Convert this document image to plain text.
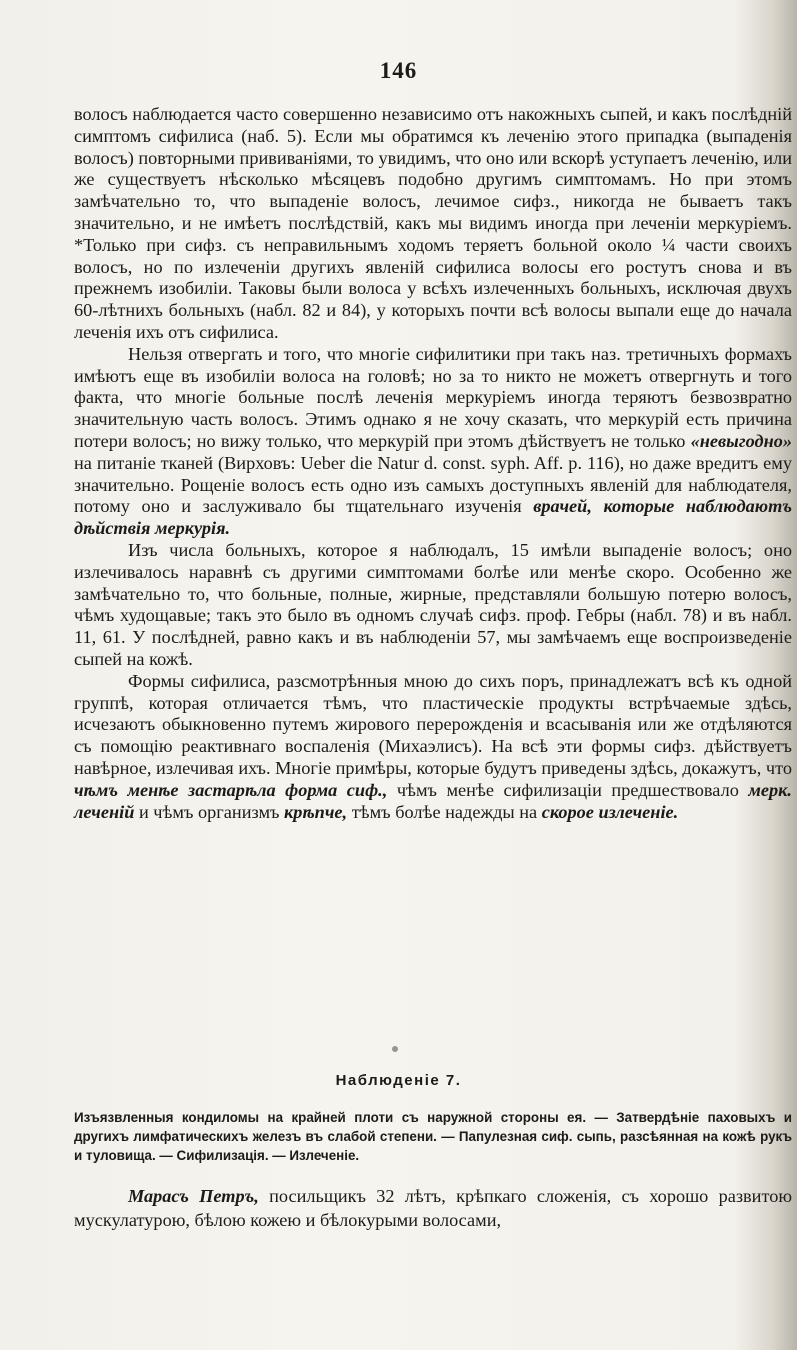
146

волосъ наблюдается часто совершенно независимо отъ накожныхъ сыпей, и какъ послѣдній симптомъ сифилиса (наб. 5). Если мы обратимся къ леченію этого припадка (выпаденія волосъ) повторными прививаніями, то увидимъ, что оно или вскорѣ уступаетъ леченію, или же существуетъ нѣсколько мѣсяцевъ подобно другимъ симптомамъ. Но при этомъ замѣчательно то, что выпаденіе волосъ, лечимое сифз., никогда не бываетъ такъ значительно, и не имѣетъ послѣдствій, какъ мы видимъ иногда при леченіи меркуріемъ. *Только при сифз. съ неправильнымъ ходомъ теряетъ больной около ¼ части своихъ волосъ, но по излеченіи другихъ явленій сифилиса волосы его ростутъ снова и въ прежнемъ изобиліи. Таковы были волоса у всѣхъ излеченныхъ больныхъ, исключая двухъ 60-лѣтнихъ больныхъ (набл. 82 и 84), у которыхъ почти всѣ волосы выпали еще до начала леченія ихъ отъ сифилиса.

Нельзя отвергать и того, что многіе сифилитики при такъ наз. третичныхъ формахъ имѣютъ еще въ изобиліи волоса на головѣ; но за то никто не можетъ отвергнуть и того факта, что многіе больные послѣ леченія меркуріемъ иногда теряютъ безвозвратно значительную часть волосъ. Этимъ однако я не хочу сказать, что меркурій есть причина потери волосъ; но вижу только, что меркурій при этомъ дѣйствуетъ не только «невыгодно» на питаніе тканей (Вирховъ: Ueber die Natur d. const. syph. Aff. p. 116), но даже вредитъ ему значительно. Рощеніе волосъ есть одно изъ самыхъ доступныхъ явленій для наблюдателя, потому оно и заслуживало бы тщательнаго изученія врачей, которые наблюдаютъ дѣйствія меркурія.

Изъ числа больныхъ, которое я наблюдалъ, 15 имѣли выпаденіе волосъ; оно излечивалось наравнѣ съ другими симптомами болѣе или менѣе скоро. Особенно же замѣчательно то, что больные, полные, жирные, представляли большую потерю волосъ, чѣмъ худощавые; такъ это было въ одномъ случаѣ сифз. проф. Гебры (набл. 78) и въ набл. 11, 61. У послѣдней, равно какъ и въ наблюденіи 57, мы замѣчаемъ еще воспроизведеніе сыпей на кожѣ.

Формы сифилиса, разсмотрѣнныя мною до сихъ поръ, принадлежатъ всѣ къ одной группѣ, которая отличается тѣмъ, что пластическіе продукты встрѣчаемые здѣсь, исчезаютъ обыкновенно путемъ жирового перерожденія и всасыванія или же отдѣляются съ помощію реактивнаго воспаленія (Михаэлисъ). На всѣ эти формы сифз. дѣйствуетъ навѣрное, излечивая ихъ. Многіе примѣры, которые будутъ приведены здѣсь, докажутъ, что чѣмъ менѣе застарѣла форма сиф., чѣмъ менѣе сифилизаціи предшествовало мерк. леченій и чѣмъ организмъ крѣпче, тѣмъ болѣе надежды на скорое излеченіе.

Наблюденіе 7.
Изъязвленныя кондиломы на крайней плоти съ наружной стороны ея. — Затвердѣніе паховыхъ и другихъ лимфатическихъ железъ въ слабой степени. — Папулезная сиф. сыпь, разсѣянная на кожѣ рукъ и туловища. — Сифилизація. — Излеченіе.
Марасъ Петръ, посильщикъ 32 лѣтъ, крѣпкаго сложенія, съ хорошо развитою мускулатурою, бѣлою кожею и бѣлокурыми волосами,
